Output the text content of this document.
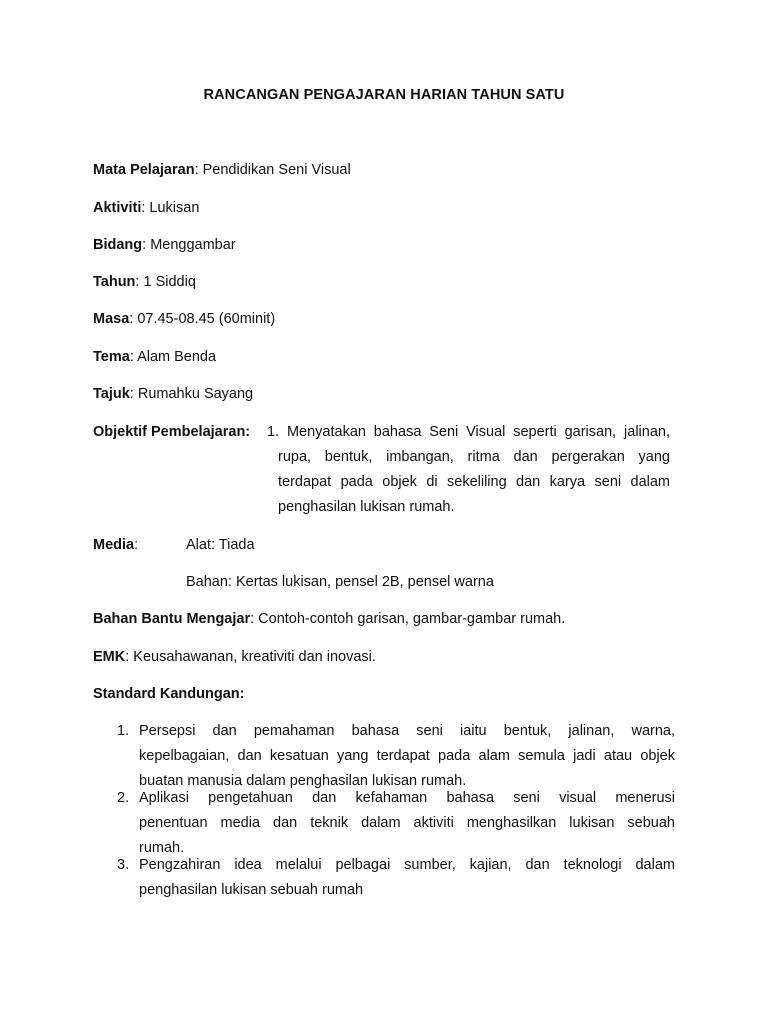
RANCANGAN PENGAJARAN HARIAN TAHUN SATU
Mata Pelajaran: Pendidikan Seni Visual
Aktiviti: Lukisan
Bidang: Menggambar
Tahun: 1 Siddiq
Masa: 07.45-08.45 (60minit)
Tema: Alam Benda
Tajuk: Rumahku Sayang
Objektif Pembelajaran: 1. Menyatakan bahasa Seni Visual seperti garisan, jalinan,
rupa, bentuk, imbangan, ritma dan pergerakan yang
terdapat pada objek di sekeliling dan karya seni dalam
penghasilan lukisan rumah.
Media:	Alat: Tiada
Bahan: Kertas lukisan, pensel 2B, pensel warna
Bahan Bantu Mengajar: Contoh-contoh garisan, gambar-gambar rumah.
EMK: Keusahawanan, kreativiti dan inovasi.
Standard Kandungan:
1. Persepsi dan pemahaman bahasa seni iaitu bentuk, jalinan, warna,
kepelbagaian, dan kesatuan yang terdapat pada alam semula jadi atau objek
buatan manusia dalam penghasilan lukisan rumah.
2. Aplikasi pengetahuan dan kefahaman bahasa seni visual menerusi
penentuan media dan teknik dalam aktiviti menghasilkan lukisan sebuah
rumah.
3. Pengzahiran idea melalui pelbagai sumber, kajian, dan teknologi dalam
penghasilan lukisan sebuah rumah
